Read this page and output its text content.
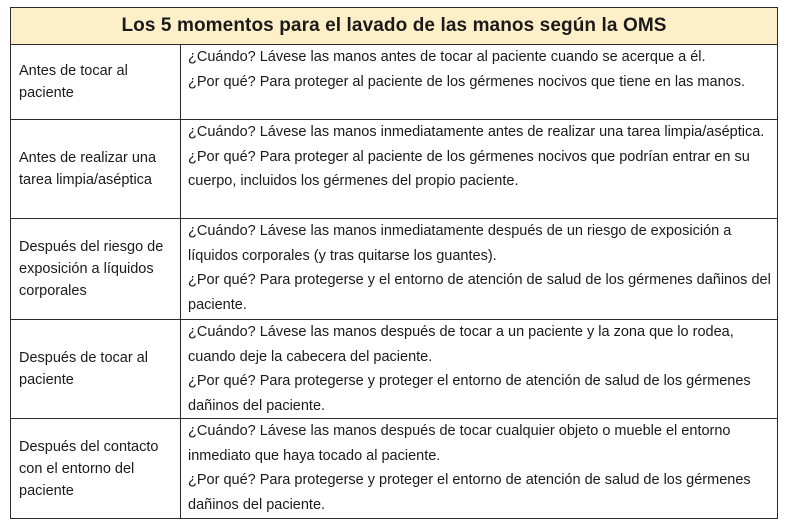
Los 5 momentos para el lavado de las manos según la OMS
Antes de tocar al paciente

¿Cuándo? Lávese las manos antes de tocar al paciente cuando se acerque a él.

¿Por qué? Para proteger al paciente de los gérmenes nocivos que tiene en las manos.

Antes de realizar una tarea limpia/aséptica

¿Cuándo? Lávese las manos inmediatamente antes de realizar una tarea limpia/aséptica.

¿Por qué? Para proteger al paciente de los gérmenes nocivos que podrían entrar en su cuerpo, incluidos los gérmenes del propio paciente.

Después del riesgo de exposición a líquidos corporales

¿Cuándo? Lávese las manos inmediatamente después de un riesgo de exposición a líquidos corporales (y tras quitarse los guantes).

¿Por qué? Para protegerse y el entorno de atención de salud de los gérmenes dañinos del paciente.

Después de tocar al paciente

¿Cuándo? Lávese las manos después de tocar a un paciente y la zona que lo rodea, cuando deje la cabecera del paciente.

¿Por qué? Para protegerse y proteger el entorno de atención de salud de los gérmenes dañinos del paciente.

Después del contacto con el entorno del paciente

¿Cuándo? Lávese las manos después de tocar cualquier objeto o mueble el entorno inmediato que haya tocado al paciente.

¿Por qué? Para protegerse y proteger el entorno de atención de salud de los gérmenes dañinos del paciente.
